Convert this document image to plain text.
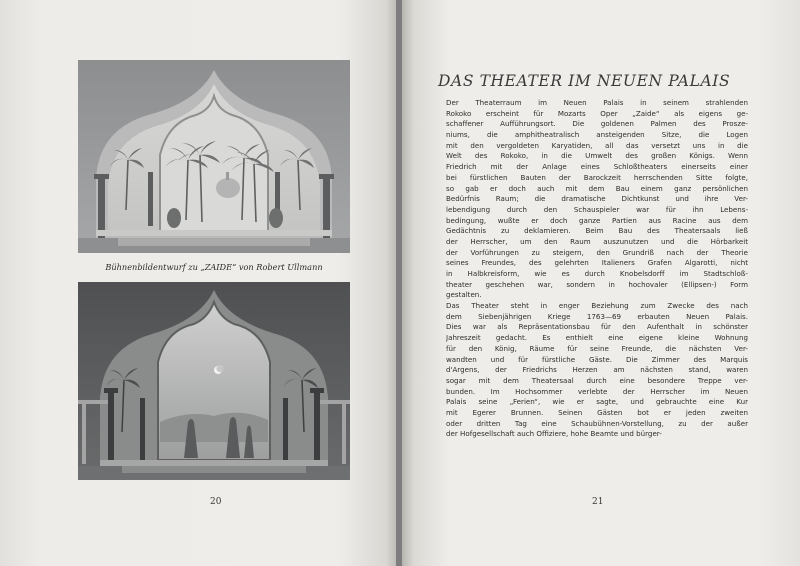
Bühnenbildentwurf zu „ZAIDE“ von Robert Ullmann
20
DAS THEATER IM NEUEN PALAIS
Der Theaterraum im Neuen Palais in seinem strahlenden
Rokoko erscheint für Mozarts Oper „Zaide“ als eigens ge-
schaffener Aufführungsort. Die goldenen Palmen des Prosze-
niums, die amphitheatralisch ansteigenden Sitze, die Logen
mit den vergoldeten Karyatiden, all das versetzt uns in die
Welt des Rokoko, in die Umwelt des großen Königs. Wenn
Friedrich mit der Anlage eines Schloßtheaters einerseits einer
bei fürstlichen Bauten der Barockzeit herrschenden Sitte folgte,
so gab er doch auch mit dem Bau einem ganz persönlichen
Bedürfnis Raum; die dramatische Dichtkunst und ihre Ver-
lebendigung durch den Schauspieler war für ihn Lebens-
bedingung, wußte er doch ganze Partien aus Racine aus dem
Gedächtnis zu deklamieren. Beim Bau des Theatersaals ließ
der Herrscher, um den Raum auszunutzen und die Hörbarkeit
der Vorführungen zu steigern, den Grundriß nach der Theorie
seines Freundes, des gelehrten Italieners Grafen Algarotti, nicht
in Halbkreisform, wie es durch Knobelsdorff im Stadtschloß-
theater geschehen war, sondern in hochovaler (Ellipsen-) Form
gestalten.
Das Theater steht in enger Beziehung zum Zwecke des nach
dem Siebenjährigen Kriege 1763—69 erbauten Neuen Palais.
Dies war als Repräsentationsbau für den Aufenthalt in schönster
Jahreszeit gedacht. Es enthielt eine eigene kleine Wohnung
für den König, Räume für seine Freunde, die nächsten Ver-
wandten und für fürstliche Gäste. Die Zimmer des Marquis
d'Argens, der Friedrichs Herzen am nächsten stand, waren
sogar mit dem Theatersaal durch eine besondere Treppe ver-
bunden. Im Hochsommer verlebte der Herrscher im Neuen
Palais seine „Ferien“, wie er sagte, und gebrauchte eine Kur
mit Egerer Brunnen. Seinen Gästen bot er jeden zweiten
oder dritten Tag eine Schaubühnen-Vorstellung, zu der außer
der Hofgesellschaft auch Offiziere, hohe Beamte und bürger-
21
